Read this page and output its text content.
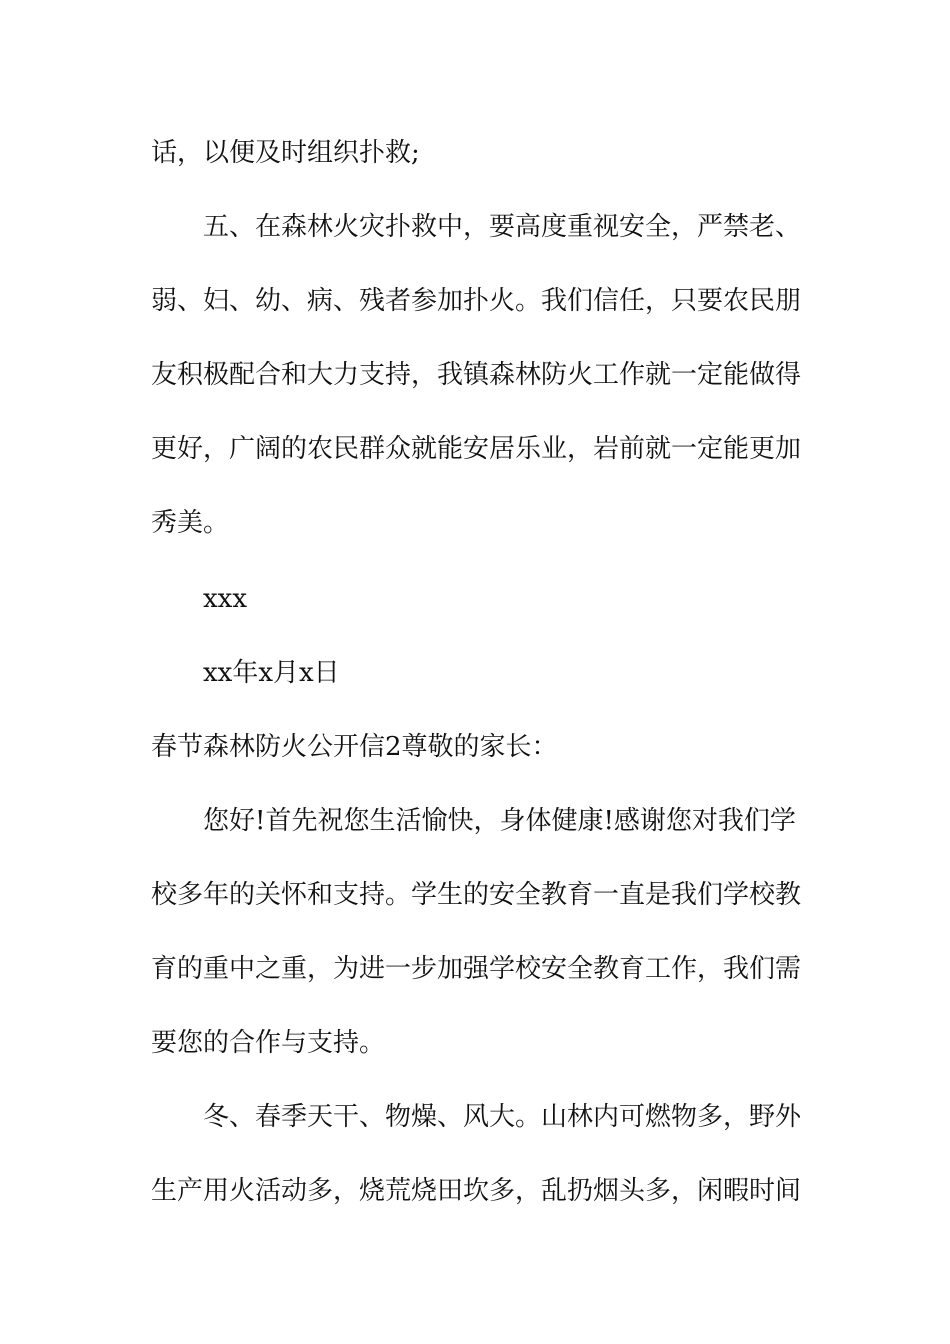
话，以便及时组织扑救;
五、在森林火灾扑救中，要高度重视安全，严禁老、
弱、妇、幼、病、残者参加扑火。我们信任，只要农民朋
友积极配合和大力支持，我镇森林防火工作就一定能做得
更好，广阔的农民群众就能安居乐业，岩前就一定能更加
秀美。
xxx
xx年x月x日
春节森林防火公开信2尊敬的家长：
您好!首先祝您生活愉快，身体健康!感谢您对我们学
校多年的关怀和支持。学生的安全教育一直是我们学校教
育的重中之重，为进一步加强学校安全教育工作，我们需
要您的合作与支持。
冬、春季天干、物燥、风大。山林内可燃物多，野外
生产用火活动多，烧荒烧田坎多，乱扔烟头多，闲暇时间
